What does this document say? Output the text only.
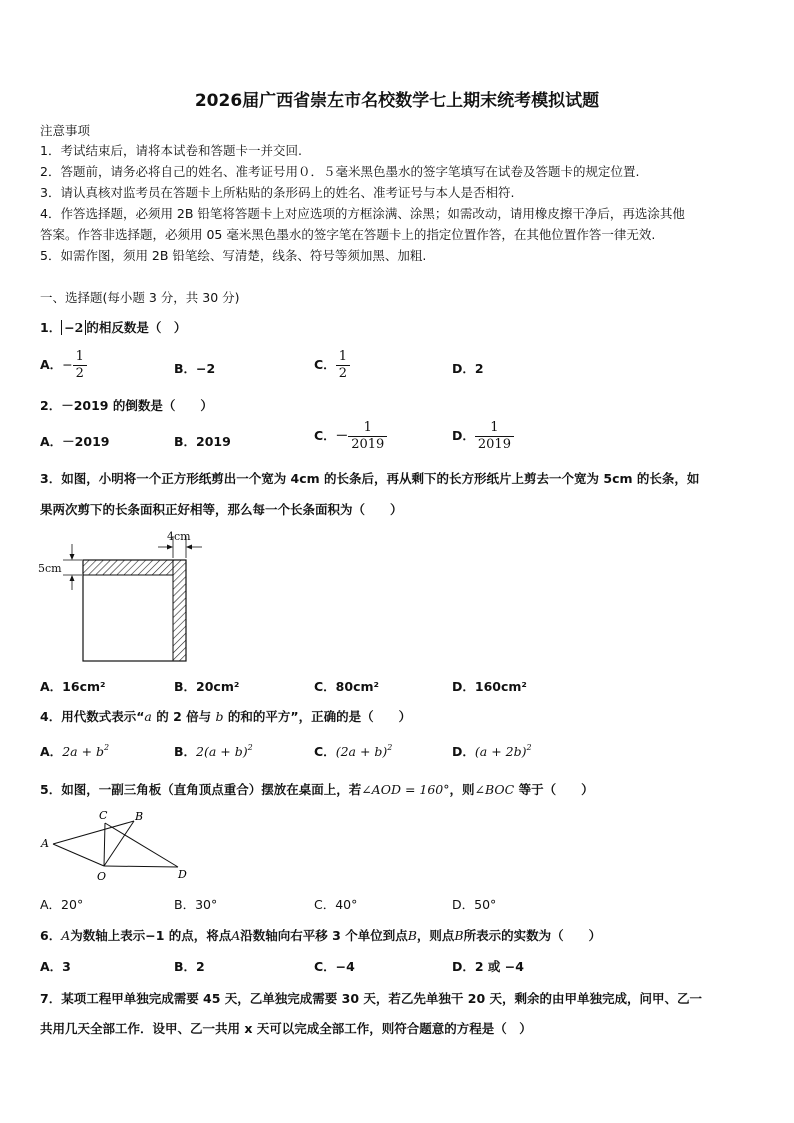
2026届广西省崇左市名校数学七上期末统考模拟试题
注意事项
1．考试结束后，请将本试卷和答题卡一并交回.
2．答题前，请务必将自己的姓名、准考证号用０．５毫米黑色墨水的签字笔填写在试卷及答题卡的规定位置.
3．请认真核对监考员在答题卡上所粘贴的条形码上的姓名、准考证号与本人是否相符.
4．作答选择题，必须用 2B 铅笔将答题卡上对应选项的方框涂满、涂黑；如需改动，请用橡皮擦干净后，再选涂其他
答案。作答非选择题，必须用 05 毫米黑色墨水的签字笔在答题卡上的指定位置作答，在其他位置作答一律无效.
5．如需作图，须用 2B 铅笔绘、写清楚，线条、符号等须加黑、加粗.
一、选择题(每小题 3 分，共 30 分)
1． −2 的相反数是（　）
A．− $\frac{1}{2}$	B．−2	C． $\frac{1}{2}$	D．2
2．－2019 的倒数是（　　）
A．－2019	B．2019	C．－ $\frac{1}{2019}$	D． $\frac{1}{2019}$
3．如图，小明将一个正方形纸剪出一个宽为 4cm 的长条后，再从剩下的长方形纸片上剪去一个宽为 5cm 的长条，如
果两次剪下的长条面积正好相等，那么每一个长条面积为（　　）
4cm
5cm
A．16cm²	B．20cm²	C．80cm²	D．160cm²
4．用代数式表示“a 的 2 倍与 b 的和的平方”，正确的是（　　）
A．$2a + b^2$	B．$2(a + b)^2$	C．$(2a + b)^2$	D．$(a + 2b)^2$
5．如图，一副三角板（直角顶点重合）摆放在桌面上，若∠AOD = 160°，则∠BOC 等于（　　）
A
C	B
O	D
A．20°	B．30°	C．40°	D．50°
6．A为数轴上表示−1 的点，将点A沿数轴向右平移 3 个单位到点B，则点B所表示的实数为（　　）
A．3	B．2	C．−4	D．2 或 −4
7．某项工程甲单独完成需要 45 天，乙单独完成需要 30 天，若乙先单独干 20 天，剩余的由甲单独完成，问甲、乙一
共用几天全部工作．设甲、乙一共用 x 天可以完成全部工作，则符合题意的方程是（　）
